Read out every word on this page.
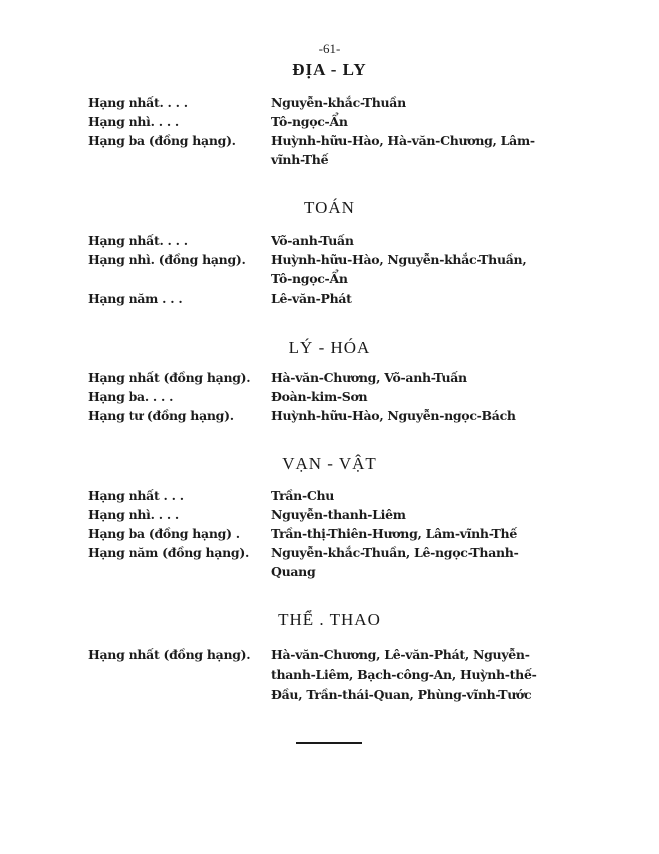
-61-
ĐỊA - LY
Hạng nhất. . . .	Nguyễn-khắc-Thuần
Hạng nhì. . . .	Tô-ngọc-Ẩn
Hạng ba (đồng hạng).	Huỳnh-hữu-Hào, Hà-văn-Chương, Lâm-vĩnh-Thế
TOÁN
Hạng nhất. . . .	Võ-anh-Tuấn
Hạng nhì. (đồng hạng).	Huỳnh-hữu-Hào, Nguyễn-khắc-Thuần, Tô-ngọc-Ẩn
Hạng năm . . .	Lê-văn-Phát
LÝ - HÓA
Hạng nhất (đồng hạng).	Hà-văn-Chương, Võ-anh-Tuấn
Hạng ba. . . .	Đoàn-kim-Sơn
Hạng tư (đồng hạng).	Huỳnh-hữu-Hào, Nguyễn-ngọc-Bách
VẠN - VẬT
Hạng nhất . . .	Trần-Chu
Hạng nhì. . . .	Nguyễn-thanh-Liêm
Hạng ba (đồng hạng) .	Trần-thị-Thiên-Hương, Lâm-vĩnh-Thế
Hạng năm (đồng hạng).	Nguyễn-khắc-Thuần, Lê-ngọc-Thanh-Quang
THỂ . THAO
Hạng nhất (đồng hạng).	Hà-văn-Chương, Lê-văn-Phát, Nguyễn-thanh-Liêm, Bạch-công-An, Huỳnh-thế-Đầu, Trần-thái-Quan, Phùng-vĩnh-Tước
